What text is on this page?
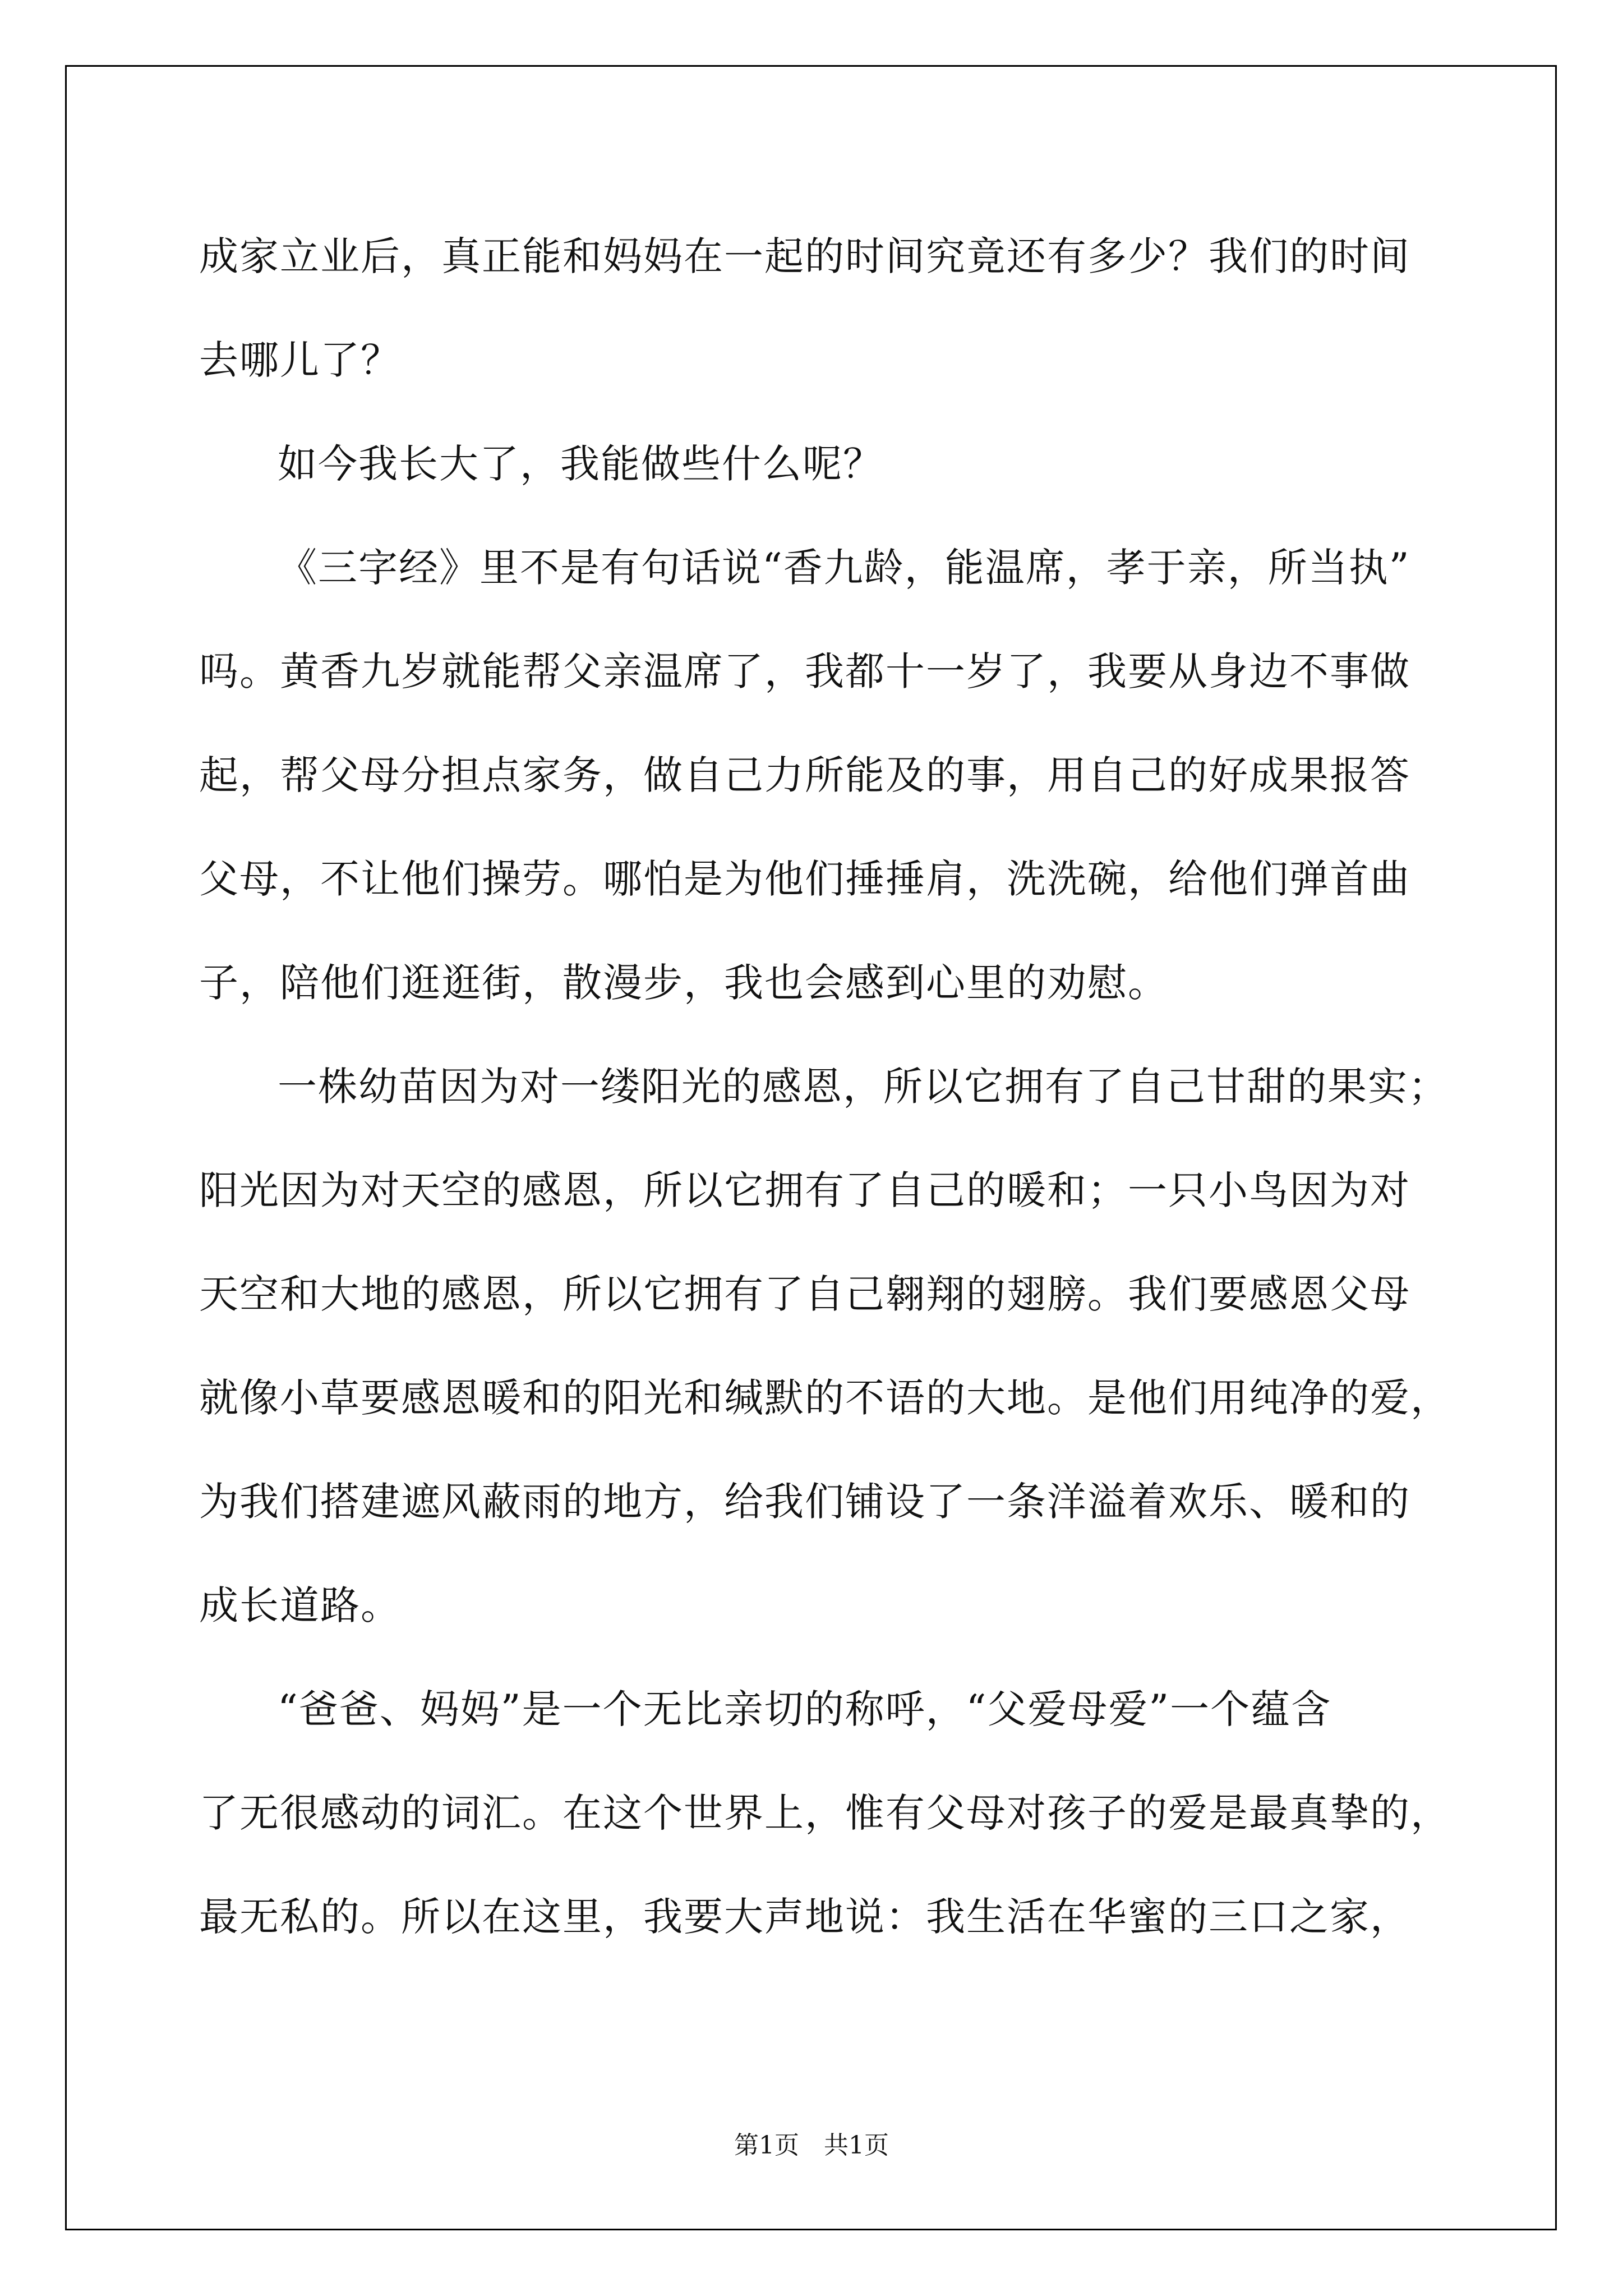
成家立业后，真正能和妈妈在一起的时间究竟还有多少？我们的时间
去哪儿了？
如今我长大了，我能做些什么呢？
《三字经》里不是有句话说“香九龄，能温席，孝于亲，所当执”
吗。黄香九岁就能帮父亲温席了，我都十一岁了，我要从身边不事做
起，帮父母分担点家务，做自己力所能及的事，用自己的好成果报答
父母，不让他们操劳。哪怕是为他们捶捶肩，洗洗碗，给他们弹首曲
子，陪他们逛逛街，散漫步，我也会感到心里的劝慰。
一株幼苗因为对一缕阳光的感恩，所以它拥有了自己甘甜的果实；
阳光因为对天空的感恩，所以它拥有了自己的暖和；一只小鸟因为对
天空和大地的感恩，所以它拥有了自己翱翔的翅膀。我们要感恩父母
就像小草要感恩暖和的阳光和缄默的不语的大地。是他们用纯净的爱，
为我们搭建遮风蔽雨的地方，给我们铺设了一条洋溢着欢乐、暖和的
成长道路。
“爸爸、妈妈”是一个无比亲切的称呼，“父爱母爱”一个蕴含
了无很感动的词汇。在这个世界上，惟有父母对孩子的爱是最真挚的，
最无私的。所以在这里，我要大声地说：我生活在华蜜的三口之家，
第1页　共1页
